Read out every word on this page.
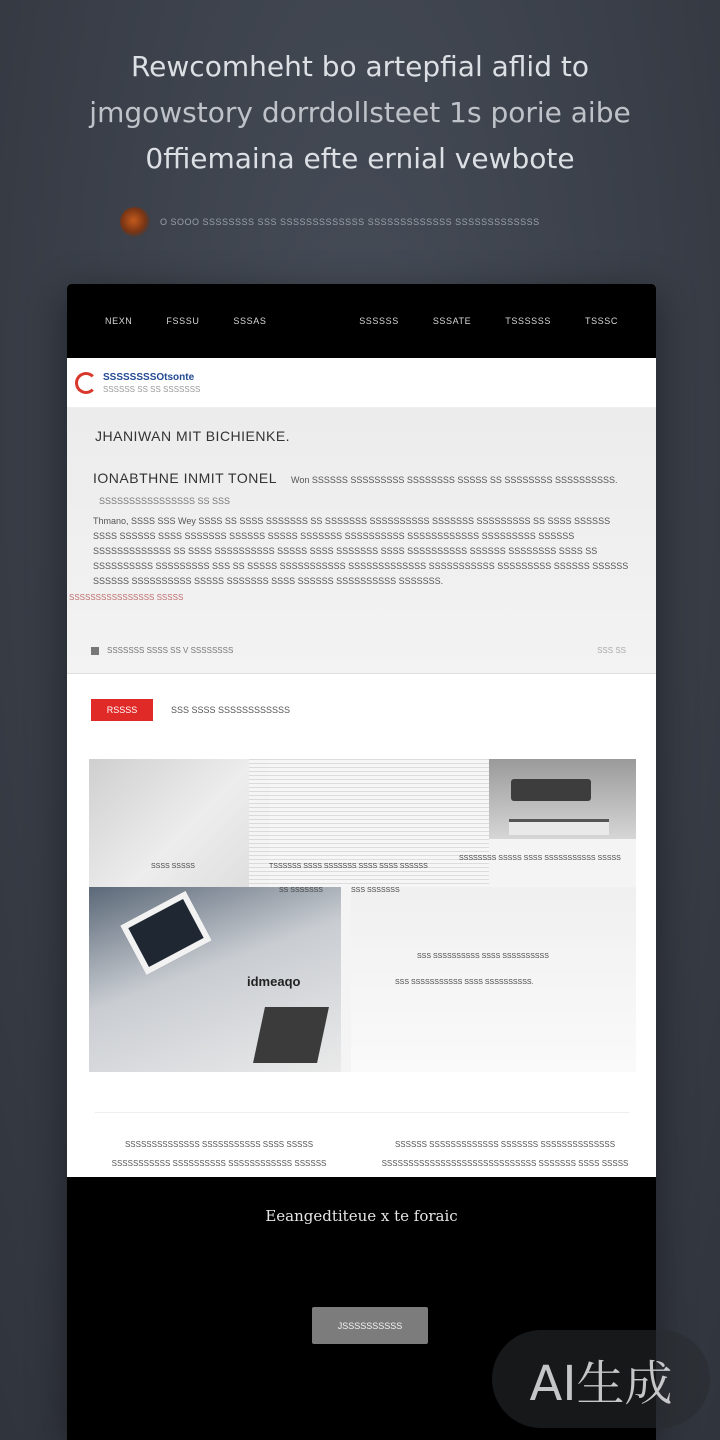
Rewcomheht bo artepfial aflid to
jmgowstory dorrdollsteet 1s porie aibe
0ffiemaina efte ernial vewbote
O SOOO SSSSSSSS SSS SSSSSSSSSSSSS SSSSSSSSSSSSS SSSSSSSSSSSSS
NEXN	FSSSU	SSSAS	SSSSSS	SSSATE	TSSSSSS	TSSSC
SSSSSSSSOtsonte
SSSSSS SS SS SSSSSSS
JHANIWAN MIT BICHIENKE.
IONABTHNE INMIT TONEL Won SSSSSS SSSSSSSSS SSSSSSSS SSSSS SS SSSSSSSS SSSSSSSSSS.
SSSSSSSSSSSSSSSS SS SSS
Thmano, SSSS SSS Wey SSSS SS SSSS SSSSSSS SS SSSSSSS SSSSSSSSSS SSSSSSS SSSSSSSSS SS SSSS SSSSSS SSSS SSSSSS SSSS SSSSSSS SSSSSS SSSSS SSSSSSS SSSSSSSSSS SSSSSSSSSSSS SSSSSSSSS SSSSSS SSSSSSSSSSSSS SS SSSS SSSSSSSSSS SSSSS SSSS SSSSSSS SSSS SSSSSSSSSS SSSSSS SSSSSSSS SSSS SS SSSSSSSSSS SSSSSSSSS SSS SS SSSSS SSSSSSSSSSS SSSSSSSSSSSSS SSSSSSSSSSS SSSSSSSSS SSSSSS SSSSSS SSSSSS SSSSSSSSSS SSSSS SSSSSSS SSSS SSSSSS SSSSSSSSSS SSSSSSS.
SSSSSSSSSSSSSSSS SSSSS
SSSSSSS SSSS SS V SSSSSSSS	SSS SS
RSSSS	SSS SSSS SSSSSSSSSSSS
SSSS SSSSS	TSSSSSS SSSS SSSSSSS SSSS SSSS SSSSSS
SSSSSSSS SSSSS SSSS SSSSSSSSSSS SSSSS
SS SSSSSSS	SSS SSSSSSS
idmeaqo
SSS SSSSSSSSSS SSSS SSSSSSSSSS
SSS SSSSSSSSSSS SSSS SSSSSSSSSS.
SSSSSSSSSSSSSS SSSSSSSSSSS SSSS SSSSS SSSSSSSSSSS SSSSSSSSSS SSSSSSSSSSSS SSSSSS
SSSSSS SSSSSSSSSSSSS SSSSSSS SSSSSSSSSSSSSS SSSSSSSSSSSSSSSSSSSSSSSSSSSSS SSSSSSS SSSS SSSSS
Eeangedtiteue x te foraic
JSSSSSSSSSS
AI生成
